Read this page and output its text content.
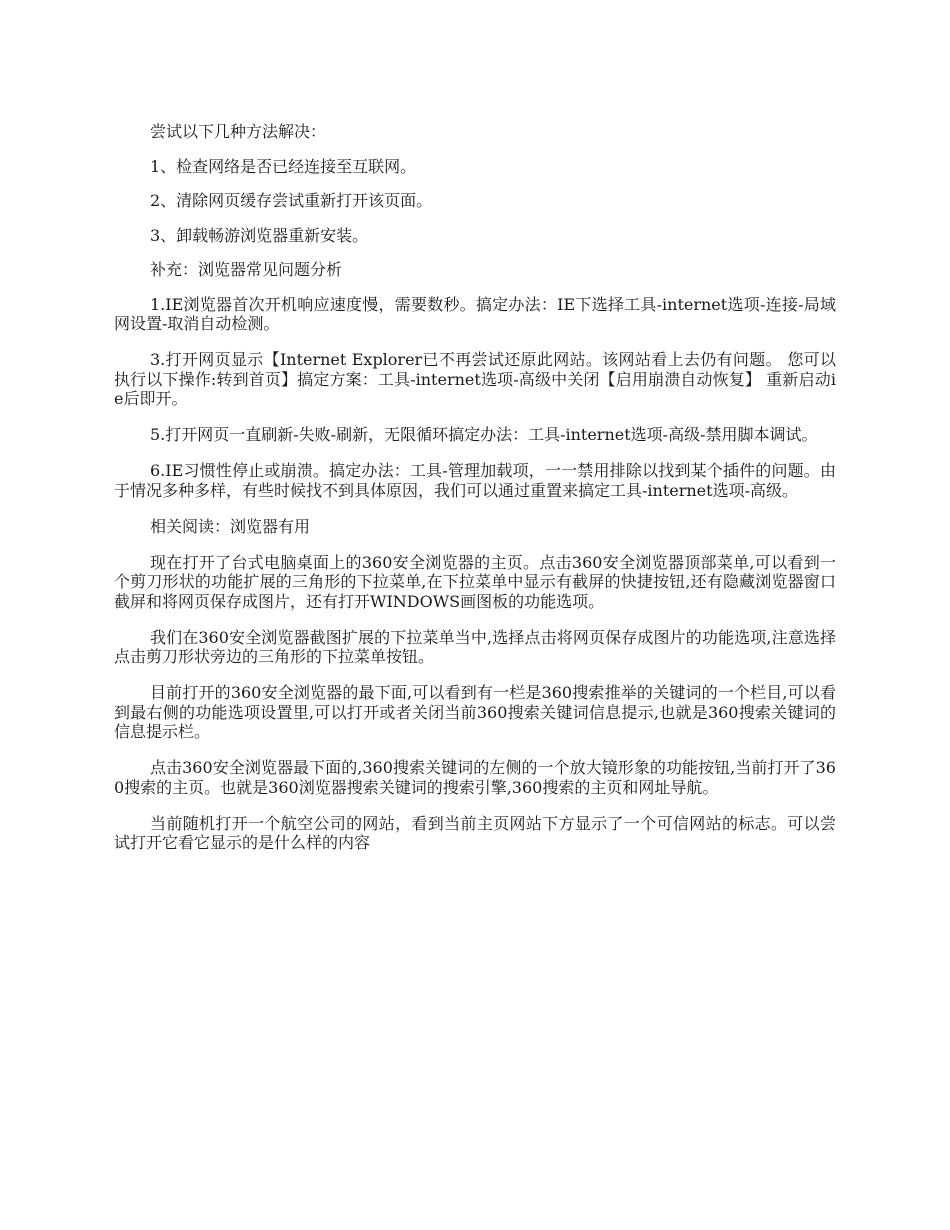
尝试以下几种方法解决：

1、检查网络是否已经连接至互联网。

2、清除网页缓存尝试重新打开该页面。

3、卸载畅游浏览器重新安装。

补充：浏览器常见问题分析

1.IE浏览器首次开机响应速度慢，需要数秒。搞定办法：IE下选择工具-internet选项-连接-局域网设置-取消自动检测。

3.打开网页显示【Internet Explorer已不再尝试还原此网站。该网站看上去仍有问题。 您可以执行以下操作:转到首页】搞定方案：工具-internet选项-高级中关闭【启用崩溃自动恢复】 重新启动ie后即开。

5.打开网页一直刷新-失败-刷新，无限循环搞定办法：工具-internet选项-高级-禁用脚本调试。

6.IE习惯性停止或崩溃。搞定办法：工具-管理加载项，一一禁用排除以找到某个插件的问题。由于情况多种多样，有些时候找不到具体原因，我们可以通过重置来搞定工具-internet选项-高级。

相关阅读：浏览器有用

现在打开了台式电脑桌面上的360安全浏览器的主页。点击360安全浏览器顶部菜单,可以看到一个剪刀形状的功能扩展的三角形的下拉菜单,在下拉菜单中显示有截屏的快捷按钮,还有隐藏浏览器窗口截屏和将网页保存成图片，还有打开WINDOWS画图板的功能选项。

我们在360安全浏览器截图扩展的下拉菜单当中,选择点击将网页保存成图片的功能选项,注意选择点击剪刀形状旁边的三角形的下拉菜单按钮。

目前打开的360安全浏览器的最下面,可以看到有一栏是360搜索推举的关键词的一个栏目,可以看到最右侧的功能选项设置里,可以打开或者关闭当前360搜索关键词信息提示,也就是360搜索关键词的信息提示栏。

点击360安全浏览器最下面的,360搜索关键词的左侧的一个放大镜形象的功能按钮,当前打开了360搜索的主页。也就是360浏览器搜索关键词的搜索引擎,360搜索的主页和网址导航。

当前随机打开一个航空公司的网站，看到当前主页网站下方显示了一个可信网站的标志。可以尝试打开它看它显示的是什么样的内容
